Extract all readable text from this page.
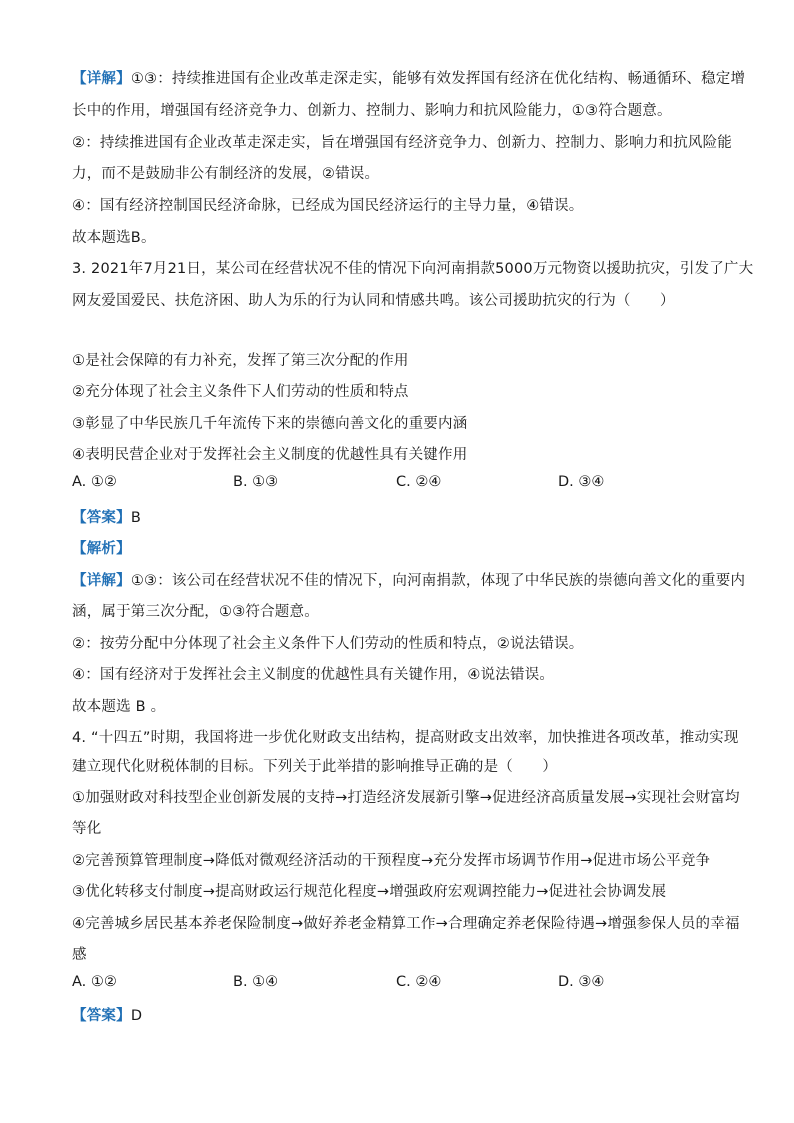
【详解】①③：持续推进国有企业改革走深走实，能够有效发挥国有经济在优化结构、畅通循环、稳定增
长中的作用，增强国有经济竞争力、创新力、控制力、影响力和抗风险能力，①③符合题意。
②：持续推进国有企业改革走深走实，旨在增强国有经济竞争力、创新力、控制力、影响力和抗风险能
力，而不是鼓励非公有制经济的发展，②错误。
④：国有经济控制国民经济命脉，已经成为国民经济运行的主导力量，④错误。
故本题选B。
3. 2021年7月21日，某公司在经营状况不佳的情况下向河南捐款5000万元物资以援助抗灾，引发了广大
网友爱国爱民、扶危济困、助人为乐的行为认同和情感共鸣。该公司援助抗灾的行为（　　）
①是社会保障的有力补充，发挥了第三次分配的作用
②充分体现了社会主义条件下人们劳动的性质和特点
③彰显了中华民族几千年流传下来的崇德向善文化的重要内涵
④表明民营企业对于发挥社会主义制度的优越性具有关键作用
A. ①②	B. ①③	C. ②④	D. ③④
【答案】B
【解析】
【详解】①③：该公司在经营状况不佳的情况下，向河南捐款，体现了中华民族的崇德向善文化的重要内
涵，属于第三次分配，①③符合题意。
②：按劳分配中分体现了社会主义条件下人们劳动的性质和特点，②说法错误。
④：国有经济对于发挥社会主义制度的优越性具有关键作用，④说法错误。
故本题选 B 。
4. “十四五”时期，我国将进一步优化财政支出结构，提高财政支出效率，加快推进各项改革，推动实现
建立现代化财税体制的目标。下列关于此举措的影响推导正确的是（　　）
①加强财政对科技型企业创新发展的支持→打造经济发展新引擎→促进经济高质量发展→实现社会财富均
等化
②完善预算管理制度→降低对微观经济活动的干预程度→充分发挥市场调节作用→促进市场公平竞争
③优化转移支付制度→提高财政运行规范化程度→增强政府宏观调控能力→促进社会协调发展
④完善城乡居民基本养老保险制度→做好养老金精算工作→合理确定养老保险待遇→增强参保人员的幸福
感
A. ①②	B. ①④	C. ②④	D. ③④
【答案】D
